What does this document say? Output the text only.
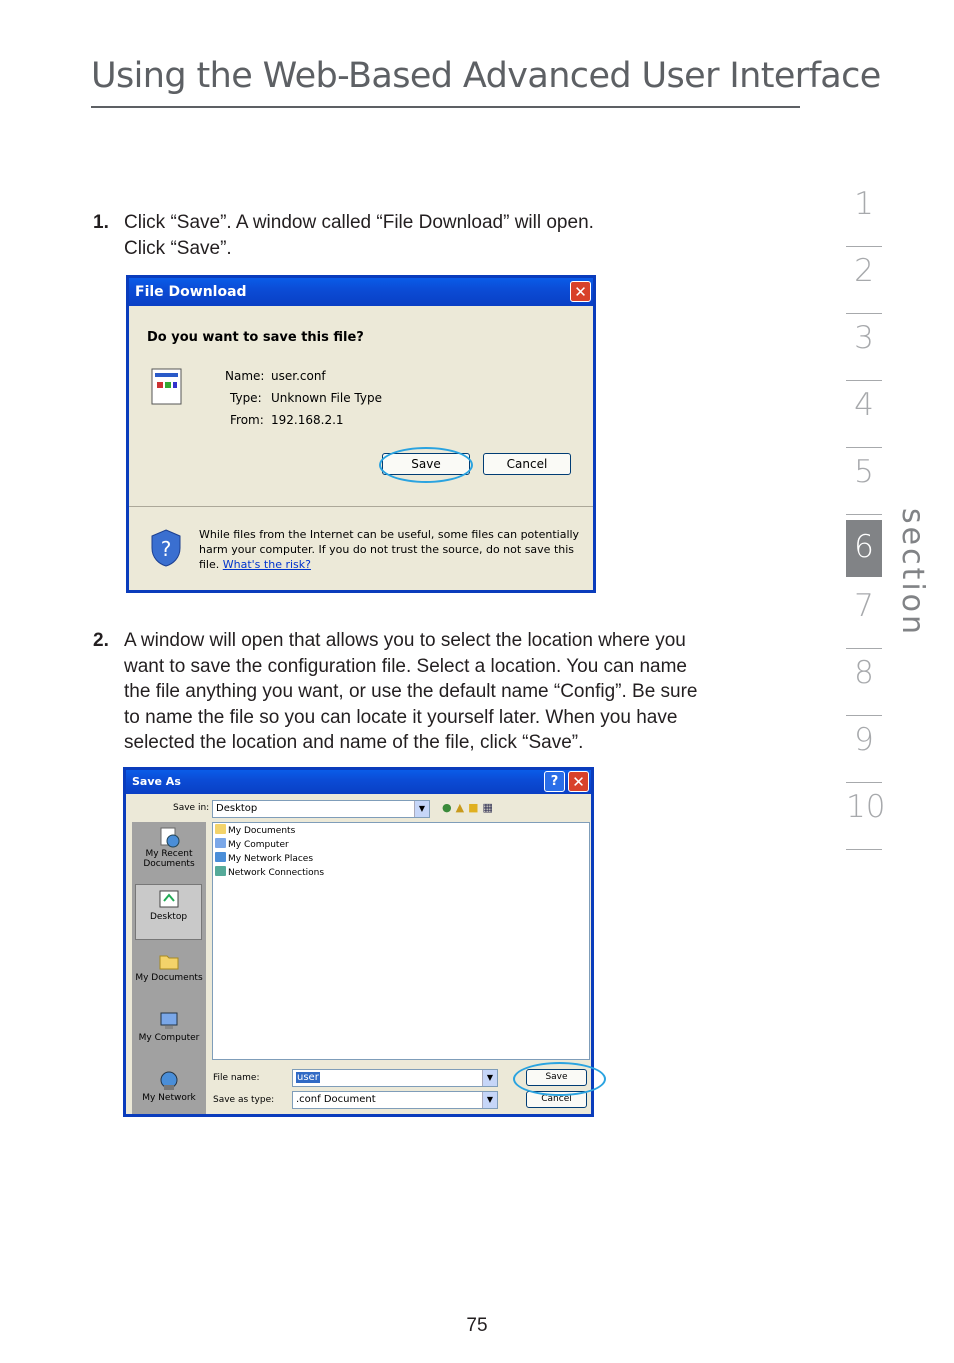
Using the Web-Based Advanced User Interface
1
2
3
4
5
6
7
8
9
10
section
1. Click “Save”. A window called “File Download” will open.
Click “Save”.
File Download	✕
Do you want to save this file?
Name: user.conf
Type: Unknown File Type
From: 192.168.2.1
Save	Cancel
?
While files from the Internet can be useful, some files can potentially
harm your computer. If you do not trust the source, do not save this
file. What's the risk?
2. A window will open that allows you to select the location where you
want to save the configuration file. Select a location. You can name
the file anything you want, or use the default name “Config”. Be sure
to name the file so you can locate it yourself later. When you have
selected the location and name of the file, click “Save”.
Save As	? ✕
Save in: Desktop	▼	●▲■▦
My Recent Documents
Desktop
My Documents
My Computer
My Network
My Documents
My Computer
My Network Places
Network Connections
File name:	user	▼
Save as type:	.conf Document	▼
Save
Cancel
75
